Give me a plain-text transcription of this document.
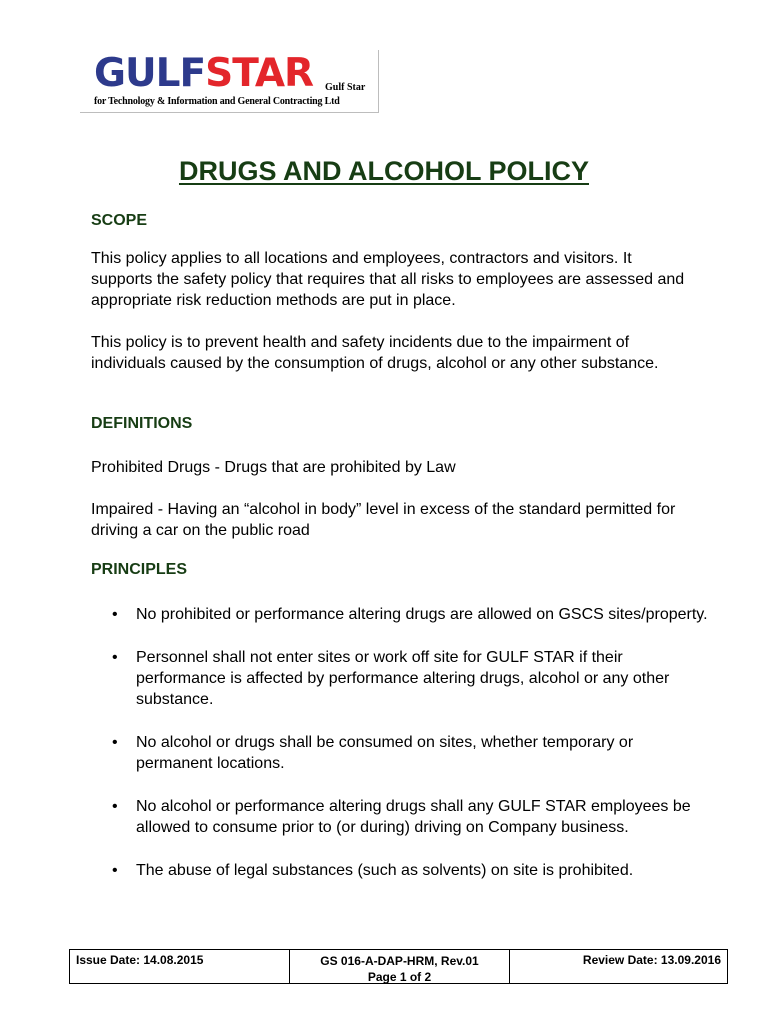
GULFSTAR Gulf Star
for Technology & Information and General Contracting Ltd
DRUGS AND ALCOHOL POLICY
SCOPE

This policy applies to all locations and employees, contractors and visitors. It supports the safety policy that requires that all risks to employees are assessed and appropriate risk reduction methods are put in place.

This policy is to prevent health and safety incidents due to the impairment of individuals caused by the consumption of drugs, alcohol or any other substance.

DEFINITIONS

Prohibited Drugs - Drugs that are prohibited by Law

Impaired - Having an “alcohol in body” level in excess of the standard permitted for driving a car on the public road

PRINCIPLES
• No prohibited or performance altering drugs are allowed on GSCS sites/property.
• Personnel shall not enter sites or work off site for GULF STAR if their performance is affected by performance altering drugs, alcohol or any other substance.
• No alcohol or drugs shall be consumed on sites, whether temporary or permanent locations.
• No alcohol or performance altering drugs shall any GULF STAR employees be allowed to consume prior to (or during) driving on Company business.
• The abuse of legal substances (such as solvents) on site is prohibited.
Issue Date: 14.08.2015	GS 016-A-DAP-HRM, Rev.01
Page 1 of 2
Review Date: 13.09.2016
